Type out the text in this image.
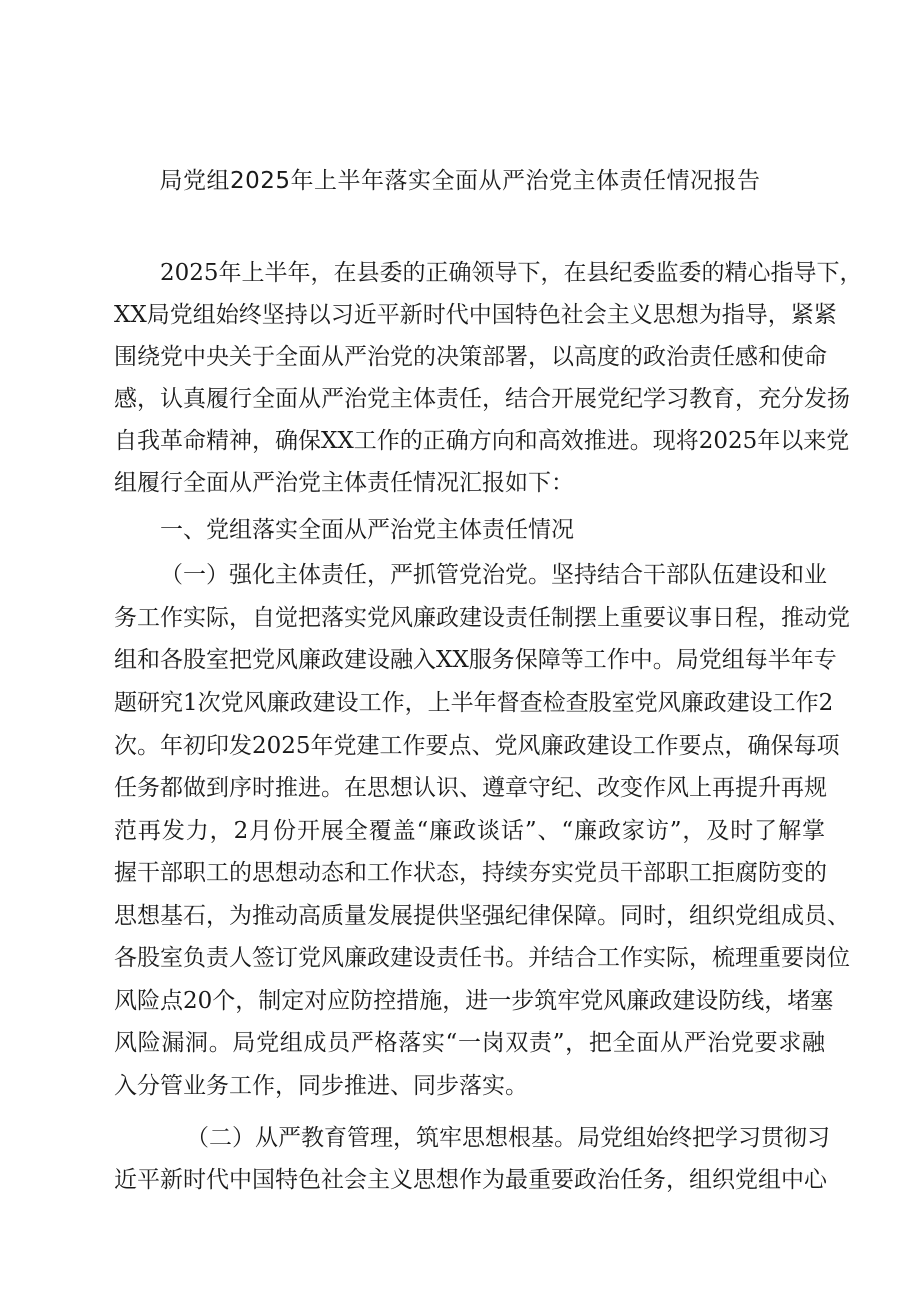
局党组2025年上半年落实全面从严治党主体责任情况报告
2025年上半年，在县委的正确领导下，在县纪委监委的精心指导下，
XX局党组始终坚持以习近平新时代中国特色社会主义思想为指导，紧紧
围绕党中央关于全面从严治党的决策部署，以高度的政治责任感和使命
感，认真履行全面从严治党主体责任，结合开展党纪学习教育，充分发扬
自我革命精神，确保XX工作的正确方向和高效推进。现将2025年以来党
组履行全面从严治党主体责任情况汇报如下：
一、党组落实全面从严治党主体责任情况
（一）强化主体责任，严抓管党治党。坚持结合干部队伍建设和业
务工作实际，自觉把落实党风廉政建设责任制摆上重要议事日程，推动党
组和各股室把党风廉政建设融入XX服务保障等工作中。局党组每半年专
题研究1次党风廉政建设工作，上半年督查检查股室党风廉政建设工作2
次。年初印发2025年党建工作要点、党风廉政建设工作要点，确保每项
任务都做到序时推进。在思想认识、遵章守纪、改变作风上再提升再规
范再发力，2月份开展全覆盖“廉政谈话”、“廉政家访”，及时了解掌
握干部职工的思想动态和工作状态，持续夯实党员干部职工拒腐防变的
思想基石，为推动高质量发展提供坚强纪律保障。同时，组织党组成员、
各股室负责人签订党风廉政建设责任书。并结合工作实际，梳理重要岗位
风险点20个，制定对应防控措施，进一步筑牢党风廉政建设防线，堵塞
风险漏洞。局党组成员严格落实“一岗双责”，把全面从严治党要求融
入分管业务工作，同步推进、同步落实。
（二）从严教育管理，筑牢思想根基。局党组始终把学习贯彻习
近平新时代中国特色社会主义思想作为最重要政治任务，组织党组中心
